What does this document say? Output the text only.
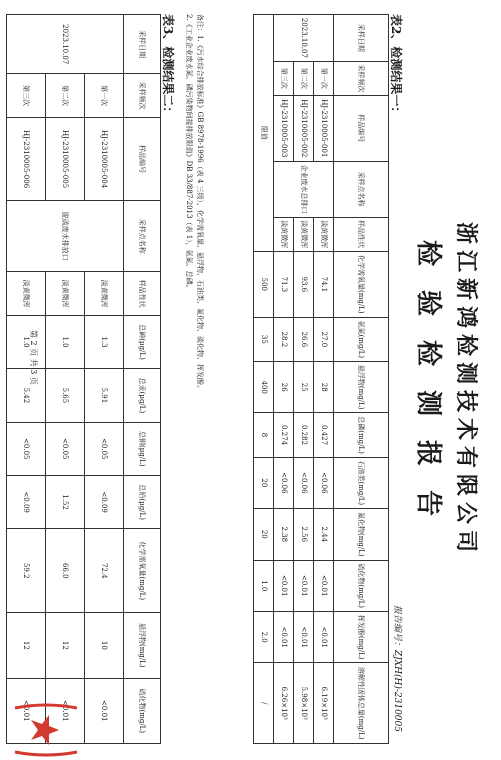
浙江新鸿检测技术有限公司
检验检测报告
报告编号：ZJXH(H)-2310005
表2、检测结果一：
采样日期	采样频次	样品编号	采样点名称	样品性状	化学需氧量(mg/L)	氨氮(mg/L)	悬浮物(mg/L)	总磷(mg/L)	石油类(mg/L)	氟化物(mg/L)	硫化物(mg/L)	挥发酚(mg/L)	溶解性固体总量(mg/L)
2023.10.07	第一次	HJ-2310005-001	企业废水总排口	淡黄微浑	74.1	27.0	28	0.427	<0.06	2.44	<0.01	<0.01	6.19×10³
	第二次	HJ-2310005-002		淡黄微浑	93.6	26.6	25	0.282	<0.06	2.56	<0.01	<0.01	5.98×10³
	第三次	HJ-2310005-003		淡黄微浑	71.3	28.2	26	0.274	<0.06	2.38	<0.01	<0.01	6.26×10³
限值					500	35	400	8	20	20	1.0	2.0	/
备注：1.《污水综合排放标准》GB 8978-1996（表 4 三级），化学需氧量、悬浮物、石油类、氟化物、硫化物、挥发酚。
2.《工业企业废水氮、磷污染物间接排放限值》DB 33/887-2013（表 1），氨氮、总磷。
表3、检测结果二：
采样日期	采样频次	样品编号	采样点名称	样品性状	总砷(μg/L)	总汞(μg/L)	总铜(μg/L)	总铅(μg/L)	化学需氧量(mg/L)	悬浮物(mg/L)	硫化物(mg/L)
2023.10.07	第一次	HJ-2310005-004	脱硫废水排放口	淡黄微浑	1.3	5.91	<0.05	<0.09	72.4	10	<0.01
	第二次	HJ-2310005-005		淡黄微浑	1.0	5.65	<0.05	1.52	66.0	12	<0.01
	第三次	HJ-2310005-006		淡黄微浑	1.0	5.42	<0.05	<0.09	59.2	12	<0.01
第 2 页 共 3 页
